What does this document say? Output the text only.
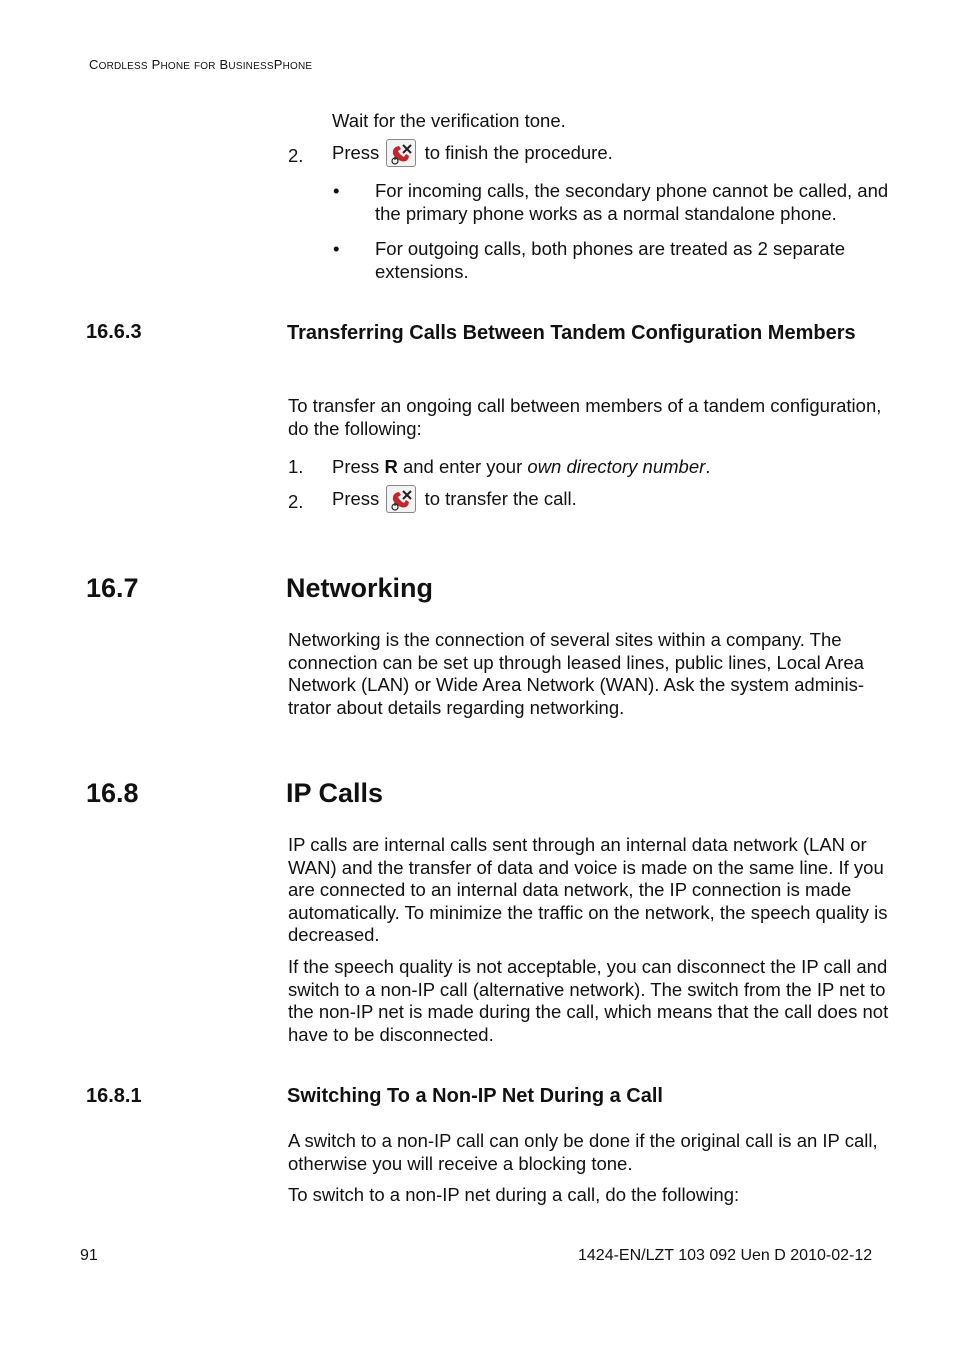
CORDLESS PHONE FOR BUSINESSPHONE
Wait for the verification tone.
2. Press to finish the procedure.
• For incoming calls, the secondary phone cannot be called, and the primary phone works as a normal standalone phone.
• For outgoing calls, both phones are treated as 2 separate extensions.
16.6.3	Transferring Calls Between Tandem Configuration Members
To transfer an ongoing call between members of a tandem configuration, do the following:
1. Press R and enter your own directory number.
2. Press to transfer the call.
16.7	Networking
Networking is the connection of several sites within a company. The connection can be set up through leased lines, public lines, Local Area Network (LAN) or Wide Area Network (WAN). Ask the system adminis-trator about details regarding networking.
16.8	IP Calls
IP calls are internal calls sent through an internal data network (LAN or WAN) and the transfer of data and voice is made on the same line. If you are connected to an internal data network, the IP connection is made automatically. To minimize the traffic on the network, the speech quality is decreased.
If the speech quality is not acceptable, you can disconnect the IP call and switch to a non-IP call (alternative network). The switch from the IP net to the non-IP net is made during the call, which means that the call does not have to be disconnected.
16.8.1	Switching To a Non-IP Net During a Call
A switch to a non-IP call can only be done if the original call is an IP call, otherwise you will receive a blocking tone.
To switch to a non-IP net during a call, do the following:
91	1424-EN/LZT 103 092 Uen D 2010-02-12
